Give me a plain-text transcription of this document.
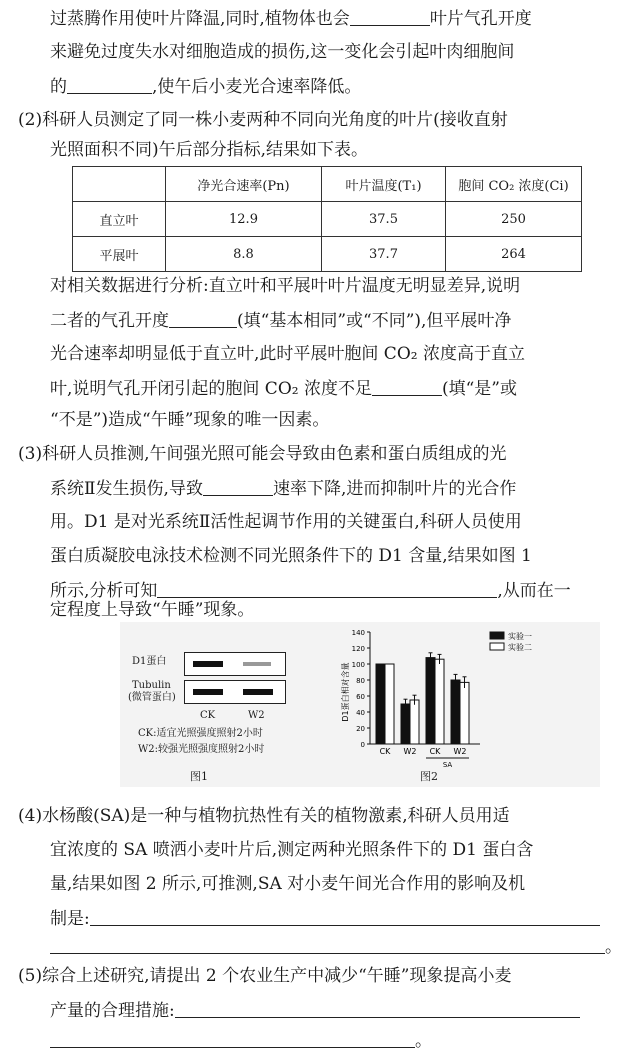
过蒸腾作用使叶片降温,同时,植物体也会	叶片气孔开度
来避免过度失水对细胞造成的损伤,这一变化会引起叶肉细胞间
的	,使午后小麦光合速率降低。
(2)科研人员测定了同一株小麦两种不同向光角度的叶片(接收直射
光照面积不同)午后部分指标,结果如下表。
	净光合速率(Pn)	叶片温度(T₁)	胞间 CO₂ 浓度(Ci)
直立叶	12.9	37.5	250
平展叶	8.8	37.7	264
对相关数据进行分析:直立叶和平展叶叶片温度无明显差异,说明
二者的气孔开度	(填“基本相同”或“不同”),但平展叶净
光合速率却明显低于直立叶,此时平展叶胞间 CO₂ 浓度高于直立
叶,说明气孔开闭引起的胞间 CO₂ 浓度不足	(填“是”或
“不是”)造成“午睡”现象的唯一因素。
(3)科研人员推测,午间强光照可能会导致由色素和蛋白质组成的光
系统Ⅱ发生损伤,导致	速率下降,进而抑制叶片的光合作
用。D1 是对光系统Ⅱ活性起调节作用的关键蛋白,科研人员使用
蛋白质凝胶电泳技术检测不同光照条件下的 D1 含量,结果如图 1
所示,分析可知	,从而在一
定程度上导致“午睡”现象。
D1蛋白
Tubulin
(微管蛋白)
CK	W2
CK:适宜光照强度照射2小时
W2:较强光照强度照射2小时
图1
0
20
40
60
80
100
120
140
D1蛋白相对含量
CK W2 CK W2
SA
实验一
实验二
图2
(4)水杨酸(SA)是一种与植物抗热性有关的植物激素,科研人员用适
宜浓度的 SA 喷洒小麦叶片后,测定两种光照条件下的 D1 蛋白含
量,结果如图 2 所示,可推测,SA 对小麦午间光合作用的影响及机
制是:
。
(5)综合上述研究,请提出 2 个农业生产中减少“午睡”现象提高小麦
产量的合理措施:
。
